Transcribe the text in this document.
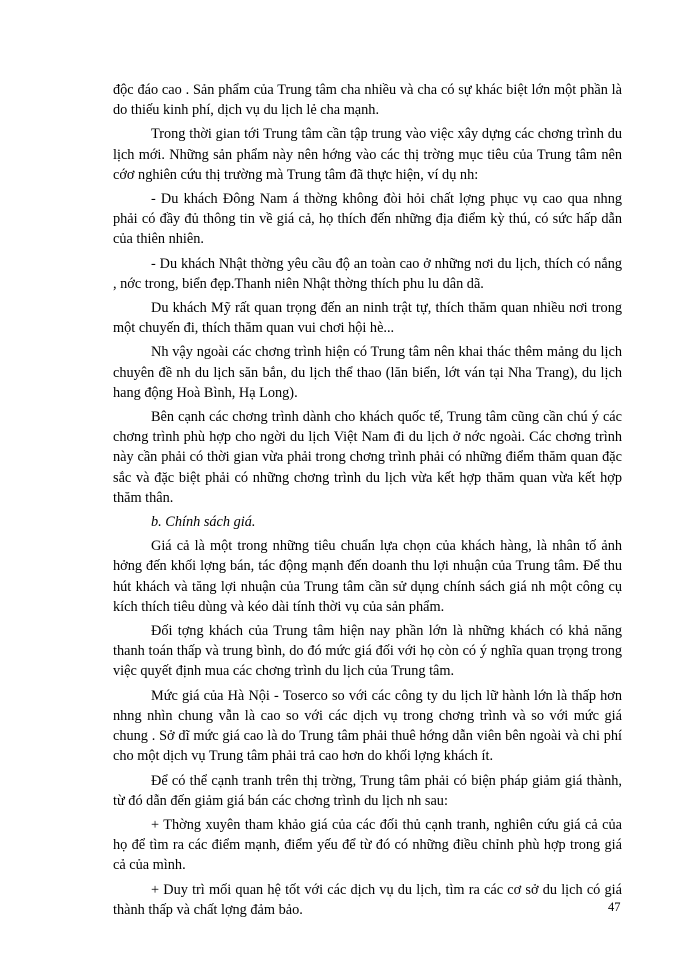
độc đáo cao . Sản phẩm của Trung tâm cha nhiều và cha có sự khác biệt lớn một phần là do thiếu kinh phí, dịch vụ du lịch lẻ cha mạnh.

Trong thời gian tới Trung tâm cần tập trung vào việc xây dựng các chơng trình du lịch mới. Những sản phẩm này nên hớng vào các thị trờng mục tiêu của Trung tâm nên cớơ nghiên cứu thị trường mà Trung tâm đã thực hiện, ví dụ nh:

- Du khách Đông Nam á thờng không đòi hỏi chất lợng phục vụ cao qua nhng phải có đầy đủ thông tin về giá cả, họ thích đến những địa điểm kỳ thú, có sức hấp dẫn của thiên nhiên.

- Du khách Nhật thờng yêu cầu độ an toàn cao ở những nơi du lịch, thích có nắng , nớc trong, biển đẹp.Thanh niên Nhật thờng thích phu lu dân dã.

Du khách Mỹ rất quan trọng đến an ninh trật tự, thích thăm quan nhiều nơi trong một chuyến đi, thích thăm quan vui chơi hội hè...

Nh vậy ngoài các chơng trình hiện có Trung tâm nên khai thác thêm mảng du lịch chuyên đề nh du lịch săn bắn, du lịch thể thao (lăn biển, lớt ván tại Nha Trang), du lịch hang động Hoà Bình, Hạ Long).

Bên cạnh các chơng trình dành cho khách quốc tế, Trung tâm cũng cần chú ý các chơng trình phù hợp cho ngời du lịch Việt Nam đi du lịch ở nớc ngoài. Các chơng trình này cần phải có thời gian vừa phải trong chơng trình phải có những điểm thăm quan đặc sắc và đặc biệt phải có những chơng trình du lịch vừa kết hợp thăm quan vừa kết hợp thăm thân.

b. Chính sách giá.

Giá cả là một trong những tiêu chuẩn lựa chọn của khách hàng, là nhân tố ảnh hởng đến khối lợng bán, tác động mạnh đến doanh thu lợi nhuận của Trung tâm. Để thu hút khách và tăng lợi nhuận của Trung tâm cần sử dụng chính sách giá nh một công cụ kích thích tiêu dùng và kéo dài tính thời vụ của sản phẩm.

Đối tợng khách của Trung tâm hiện nay phần lớn là những khách có khả năng thanh toán thấp và trung bình, do đó mức giá đối với họ còn có ý nghĩa quan trọng trong việc quyết định mua các chơng trình du lịch của Trung tâm.

Mức giá của Hà Nội - Toserco so với các công ty du lịch lữ hành lớn là thấp hơn nhng nhìn chung vẫn là cao so với các dịch vụ trong chơng trình và so với mức giá chung . Sở dĩ mức giá cao là do Trung tâm phải thuê hớng dẫn viên bên ngoài và chi phí cho một dịch vụ Trung tâm phải trả cao hơn do khối lợng khách ít.

Để có thể cạnh tranh trên thị trờng, Trung tâm phải có biện pháp giảm giá thành, từ đó dẫn đến giảm giá bán các chơng trình du lịch nh sau:

+ Thờng xuyên tham khảo giá của các đối thủ cạnh tranh, nghiên cứu giá cả của họ để tìm ra các điểm mạnh, điểm yếu để từ đó có những điều chỉnh phù hợp trong giá cả của mình.

+ Duy trì mối quan hệ tốt với các dịch vụ du lịch, tìm ra các cơ sở du lịch có giá thành thấp và chất lợng đảm bảo.	47
